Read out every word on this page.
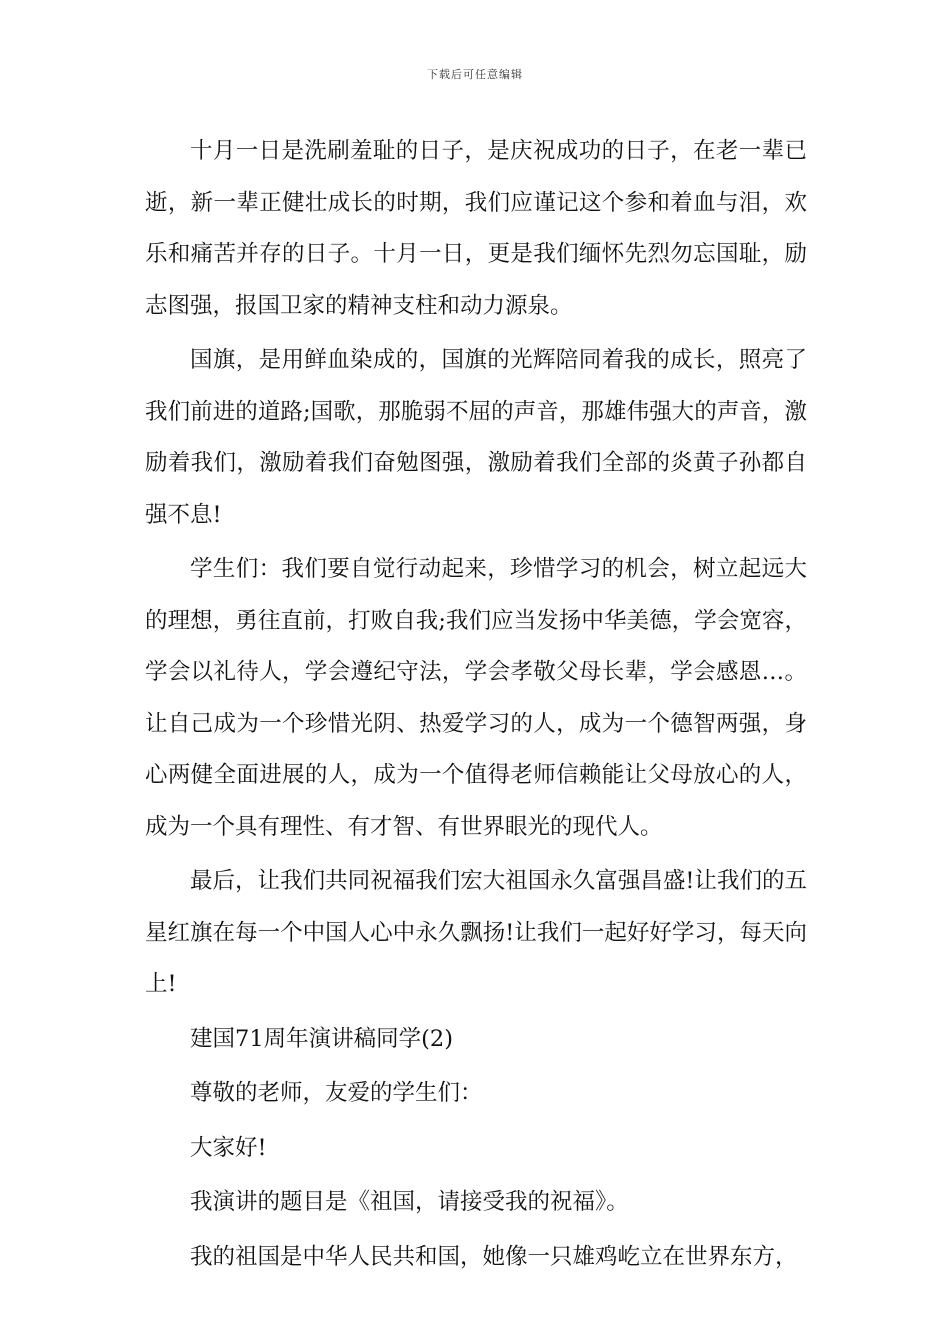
下载后可任意编辑

十月一日是洗刷羞耻的日子，是庆祝成功的日子，在老一辈已逝，新一辈正健壮成长的时期，我们应谨记这个参和着血与泪，欢乐和痛苦并存的日子。十月一日，更是我们缅怀先烈勿忘国耻，励志图强，报国卫家的精神支柱和动力源泉。

国旗，是用鲜血染成的，国旗的光辉陪同着我的成长，照亮了我们前进的道路;国歌，那脆弱不屈的声音，那雄伟强大的声音，激励着我们，激励着我们奋勉图强，激励着我们全部的炎黄子孙都自强不息!

学生们：我们要自觉行动起来，珍惜学习的机会，树立起远大的理想，勇往直前，打败自我;我们应当发扬中华美德，学会宽容，学会以礼待人，学会遵纪守法，学会孝敬父母长辈，学会感恩…。让自己成为一个珍惜光阴、热爱学习的人，成为一个德智两强，身心两健全面进展的人，成为一个值得老师信赖能让父母放心的人，成为一个具有理性、有才智、有世界眼光的现代人。

最后，让我们共同祝福我们宏大祖国永久富强昌盛!让我们的五星红旗在每一个中国人心中永久飘扬!让我们一起好好学习，每天向上!

建国71周年演讲稿同学(2)

尊敬的老师，友爱的学生们：

大家好!

我演讲的题目是《祖国，请接受我的祝福》。

我的祖国是中华人民共和国，她像一只雄鸡屹立在世界东方，
